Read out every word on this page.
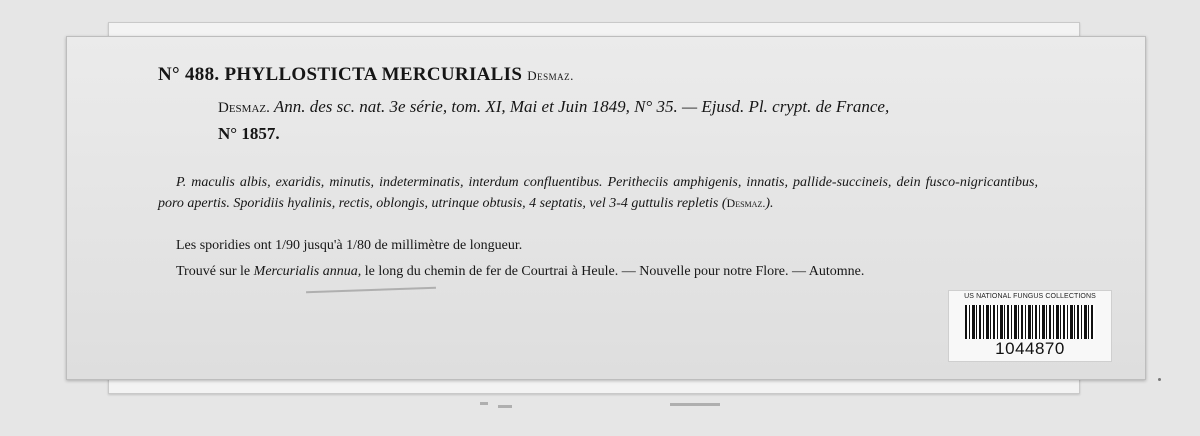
N° 488. PHYLLOSTICTA MERCURIALIS Desmaz.
Desmaz. Ann. des sc. nat. 3e série, tom. XI, Mai et Juin 1849, N° 35. — Ejusd. Pl. crypt. de France,
N° 1857.
P. maculis albis, exaridis, minutis, indeterminatis, interdum confluentibus. Peritheciis amphigenis, innatis, pallide-succineis, dein fusco-nigricantibus, poro apertis. Sporidiis hyalinis, rectis, oblongis, utrinque obtusis, 4 septatis, vel 3-4 guttulis repletis (Desmaz.).
Les sporidies ont 1/90 jusqu'à 1/80 de millimètre de longueur.
Trouvé sur le Mercurialis annua, le long du chemin de fer de Courtrai à Heule. — Nouvelle pour notre Flore. — Automne.
US NATIONAL FUNGUS COLLECTIONS
1044870
